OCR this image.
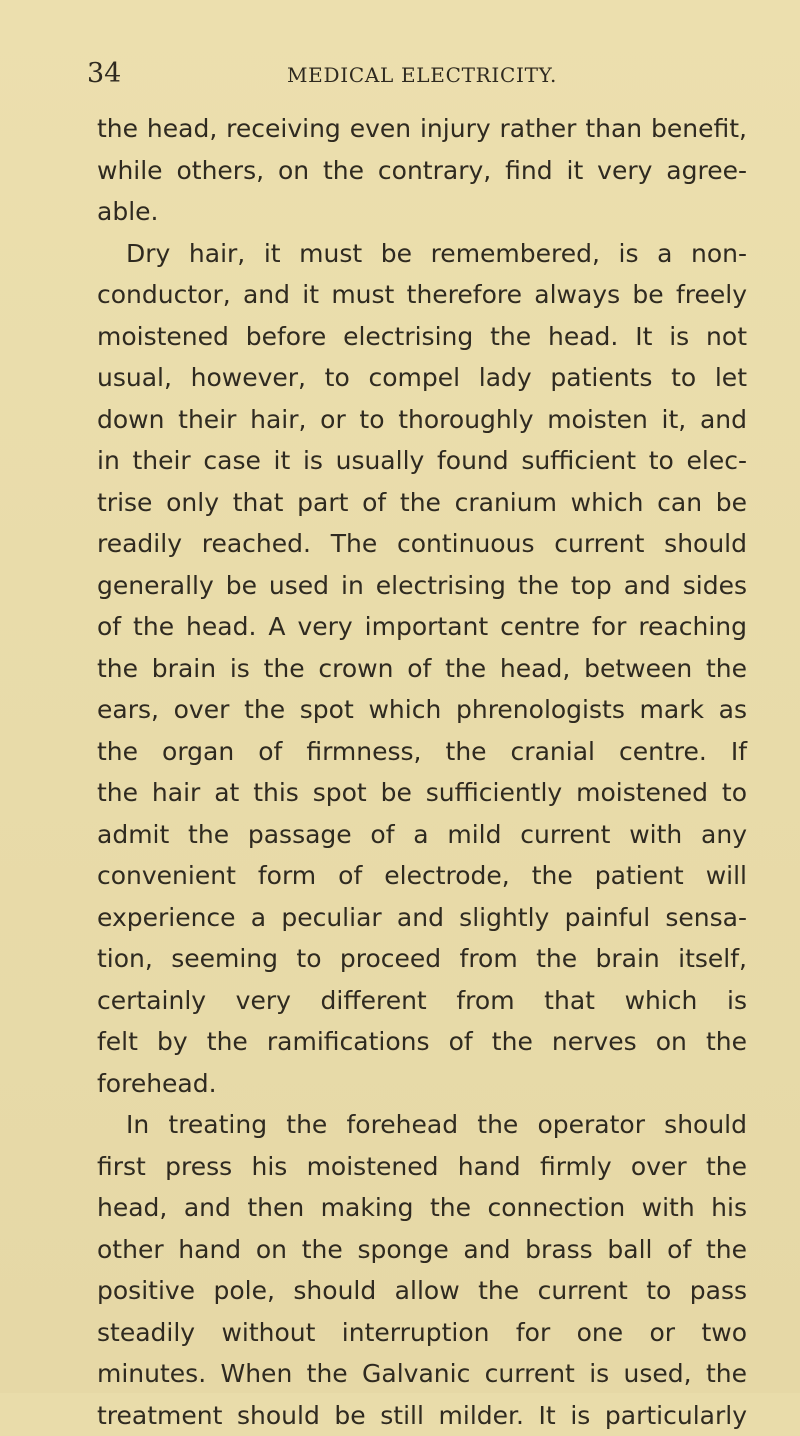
34	MEDICAL ELECTRICITY.
the head, receiving even injury rather than benefit,
while others, on the contrary, find it very agree-
able.
Dry hair, it must be remembered, is a non-
conductor, and it must therefore always be freely
moistened before electrising the head. It is not
usual, however, to compel lady patients to let
down their hair, or to thoroughly moisten it, and
in their case it is usually found sufficient to elec-
trise only that part of the cranium which can be
readily reached. The continuous current should
generally be used in electrising the top and sides
of the head. A very important centre for reaching
the brain is the crown of the head, between the
ears, over the spot which phrenologists mark as
the organ of firmness, the cranial centre. If
the hair at this spot be sufficiently moistened to
admit the passage of a mild current with any
convenient form of electrode, the patient will
experience a peculiar and slightly painful sensa-
tion, seeming to proceed from the brain itself,
certainly very different from that which is
felt by the ramifications of the nerves on the
forehead.
In treating the forehead the operator should
first press his moistened hand firmly over the
head, and then making the connection with his
other hand on the sponge and brass ball of the
positive pole, should allow the current to pass
steadily without interruption for one or two
minutes. When the Galvanic current is used, the
treatment should be still milder. It is particularly
